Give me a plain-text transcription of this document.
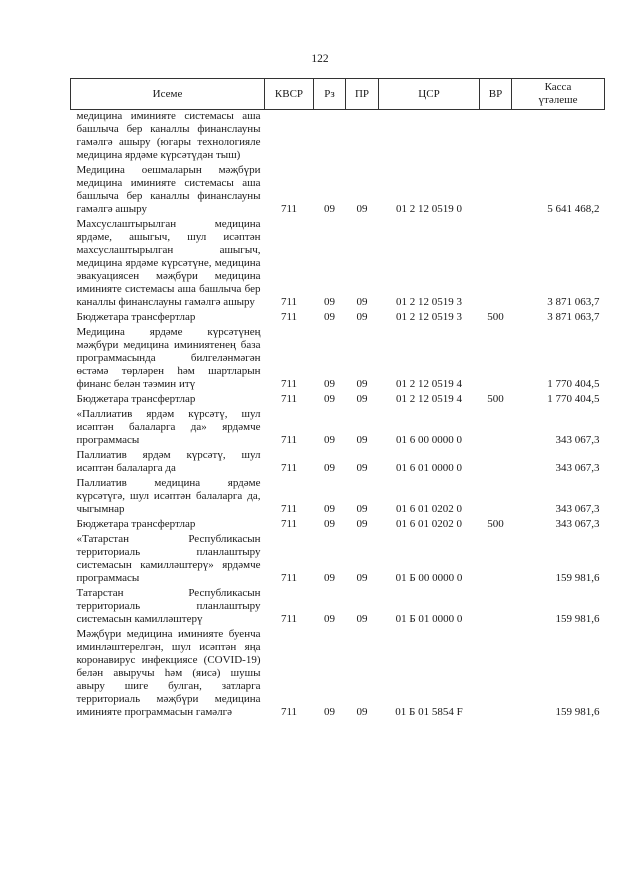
122
Исеме	КВСР	Рз	ПР	ЦСР	ВР	Касса
үтәлеше
медицина иминияте системасы аша башлыча бер каналлы финанслауны гамәлгә ашыру (югары технологияле медицина ярдәме күрсәтүдән тыш)						
Медицина оешмаларын мәҗбүри медицина иминияте системасы аша башлыча бер каналлы финанслауны гамәлгә ашыру	711	09	09	01 2 12 0519 0		5 641 468,2
Махсуслаштырылган медицина ярдәме, ашыгыч, шул исәптән махсуслаштырылган ашыгыч, медицина ярдәме күрсәтүне, медицина эвакуациясен мәҗбүри медицина иминияте системасы аша башлыча бер каналлы финанслауны гамәлгә ашыру	711	09	09	01 2 12 0519 3		3 871 063,7
Бюджетара трансфертлар	711	09	09	01 2 12 0519 3	500	3 871 063,7
Медицина ярдәме күрсәтүнең мәҗбүри медицина иминиятенең база программасында билгеләнмәгән өстәмә төрләрен һәм шартларын финанс белән тәэмин итү	711	09	09	01 2 12 0519 4		1 770 404,5
Бюджетара трансфертлар	711	09	09	01 2 12 0519 4	500	1 770 404,5
«Паллиатив ярдәм күрсәтү, шул исәптән балаларга да» ярдәмче программасы	711	09	09	01 6 00 0000 0		343 067,3
Паллиатив ярдәм күрсәтү, шул исәптән балаларга да	711	09	09	01 6 01 0000 0		343 067,3
Паллиатив медицина ярдәме күрсәтүгә, шул исәптән балаларга да, чыгымнар	711	09	09	01 6 01 0202 0		343 067,3
Бюджетара трансфертлар	711	09	09	01 6 01 0202 0	500	343 067,3
«Татарстан Республикасын территориаль планлаштыру системасын камилләштерү» ярдәмче программасы	711	09	09	01 Б 00 0000 0		159 981,6
Татарстан Республикасын территориаль планлаштыру системасын камилләштерү	711	09	09	01 Б 01 0000 0		159 981,6
Мәҗбүри медицина иминияте буенча иминләштерелгән, шул исәптән яңа коронавирус инфекциясе (COVID-19) белән авыручы һәм (яисә) шушы авыру шиге булган, затларга территориаль мәҗбүри медицина иминияте программасын гамәлгә	711	09	09	01 Б 01 5854 F		159 981,6
